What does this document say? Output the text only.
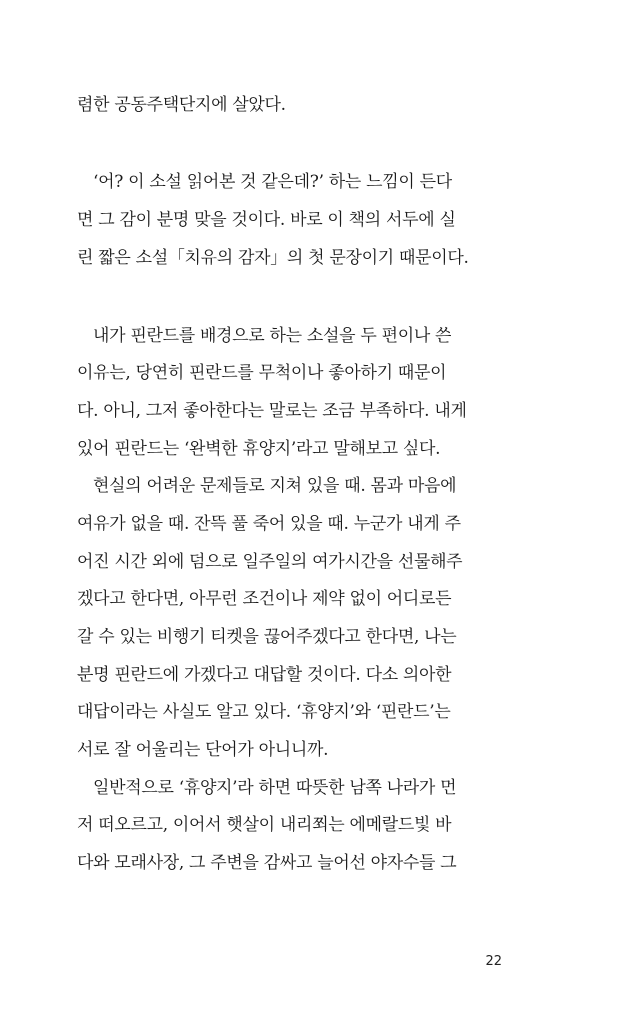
렴한 공동주택단지에 살았다.
‘어? 이 소설 읽어본 것 같은데?’ 하는 느낌이 든다
면 그 감이 분명 맞을 것이다. 바로 이 책의 서두에 실
린 짧은 소설「치유의 감자」의 첫 문장이기 때문이다.
내가 핀란드를 배경으로 하는 소설을 두 편이나 쓴
이유는, 당연히 핀란드를 무척이나 좋아하기 때문이
다. 아니, 그저 좋아한다는 말로는 조금 부족하다. 내게
있어 핀란드는 ‘완벽한 휴양지’라고 말해보고 싶다.
현실의 어려운 문제들로 지쳐 있을 때. 몸과 마음에
여유가 없을 때. 잔뜩 풀 죽어 있을 때. 누군가 내게 주
어진 시간 외에 덤으로 일주일의 여가시간을 선물해주
겠다고 한다면, 아무런 조건이나 제약 없이 어디로든
갈 수 있는 비행기 티켓을 끊어주겠다고 한다면, 나는
분명 핀란드에 가겠다고 대답할 것이다. 다소 의아한
대답이라는 사실도 알고 있다. ‘휴양지’와 ‘핀란드’는
서로 잘 어울리는 단어가 아니니까.
일반적으로 ‘휴양지’라 하면 따뜻한 남쪽 나라가 먼
저 떠오르고, 이어서 햇살이 내리쬐는 에메랄드빛 바
다와 모래사장, 그 주변을 감싸고 늘어선 야자수들 그
22
